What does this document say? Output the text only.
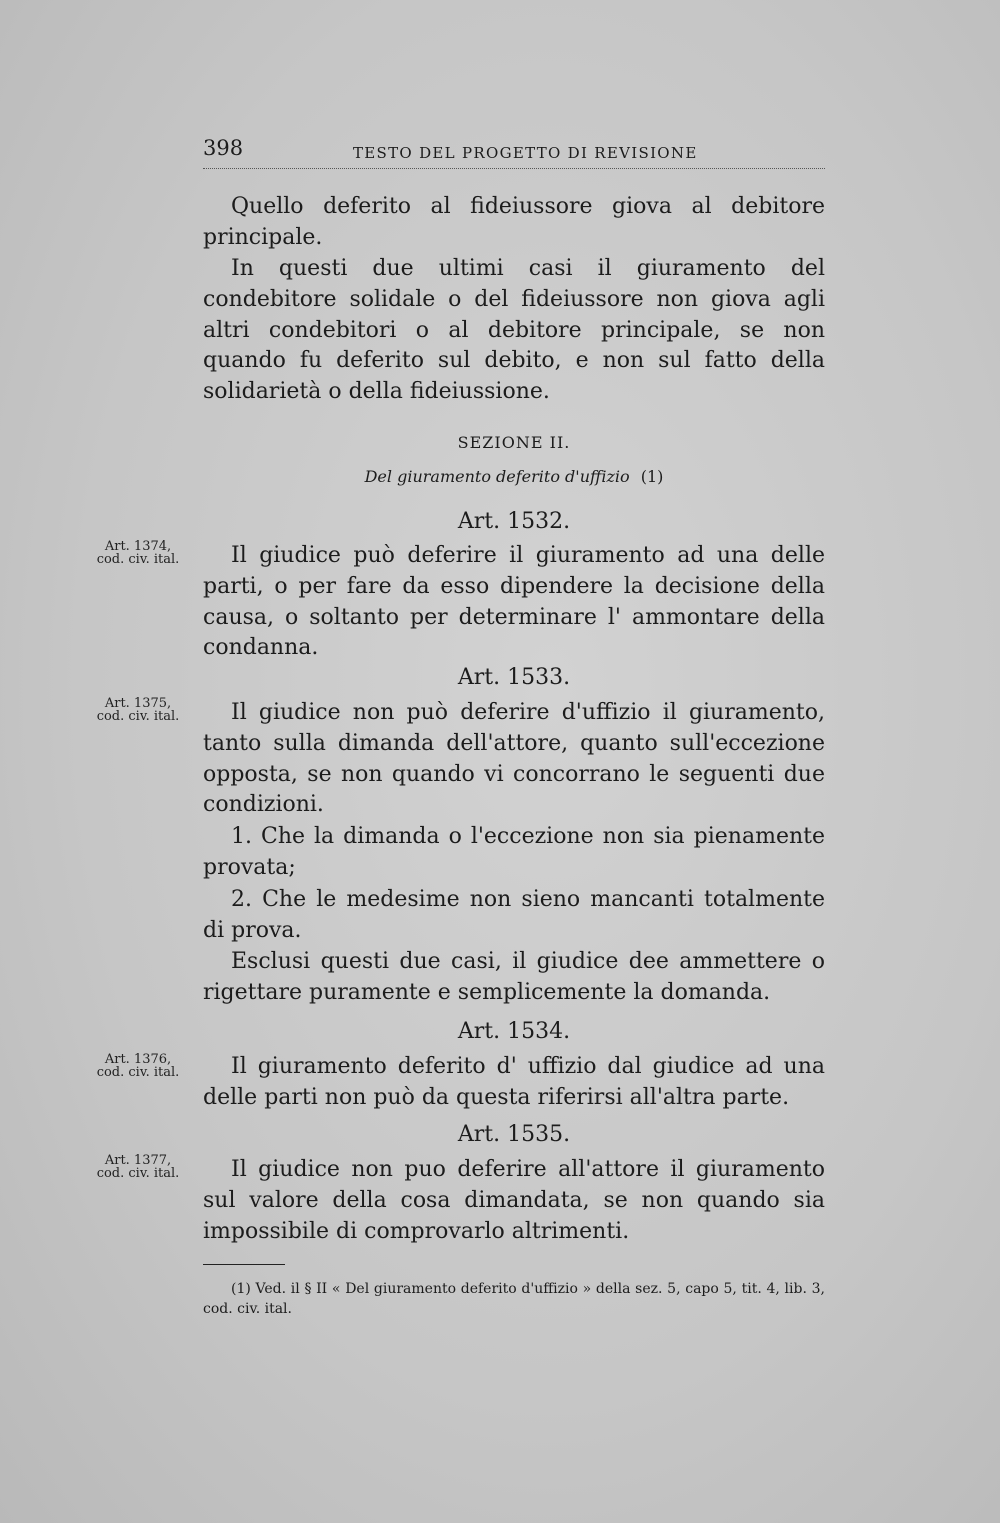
398	TESTO DEL PROGETTO DI REVISIONE

Quello deferito al fideiussore giova al debitore principale.

In questi due ultimi casi il giuramento del condebitore solidale o del fideiussore non giova agli altri condebitori o al debitore principale, se non quando fu deferito sul debito, e non sul fatto della solidarietà o della fideiussione.

SEZIONE II.

Del giuramento deferito d'uffizio (1)

Art. 1532.

Art. 1374,
cod. civ. ital.	Il giudice può deferire il giuramento ad una delle parti, o per fare da esso dipendere la decisione della causa, o soltanto per determinare l' ammontare della condanna.

Art. 1533.

Art. 1375,
cod. civ. ital.	Il giudice non può deferire d'uffizio il giuramento, tanto sulla dimanda dell'attore, quanto sull'eccezione opposta, se non quando vi concorrano le seguenti due condizioni.

1. Che la dimanda o l'eccezione non sia pienamente provata;

2. Che le medesime non sieno mancanti totalmente di prova.

Esclusi questi due casi, il giudice dee ammettere o rigettare puramente e semplicemente la domanda.

Art. 1534.

Art. 1376,
cod. civ. ital.	Il giuramento deferito d' uffizio dal giudice ad una delle parti non può da questa riferirsi all'altra parte.

Art. 1535.

Art. 1377,
cod. civ. ital.	Il giudice non puo deferire all'attore il giuramento sul valore della cosa dimandata, se non quando sia impossibile di comprovarlo altrimenti.

(1) Ved. il § II « Del giuramento deferito d'uffizio » della sez. 5, capo 5, tit. 4, lib. 3, cod. civ. ital.
